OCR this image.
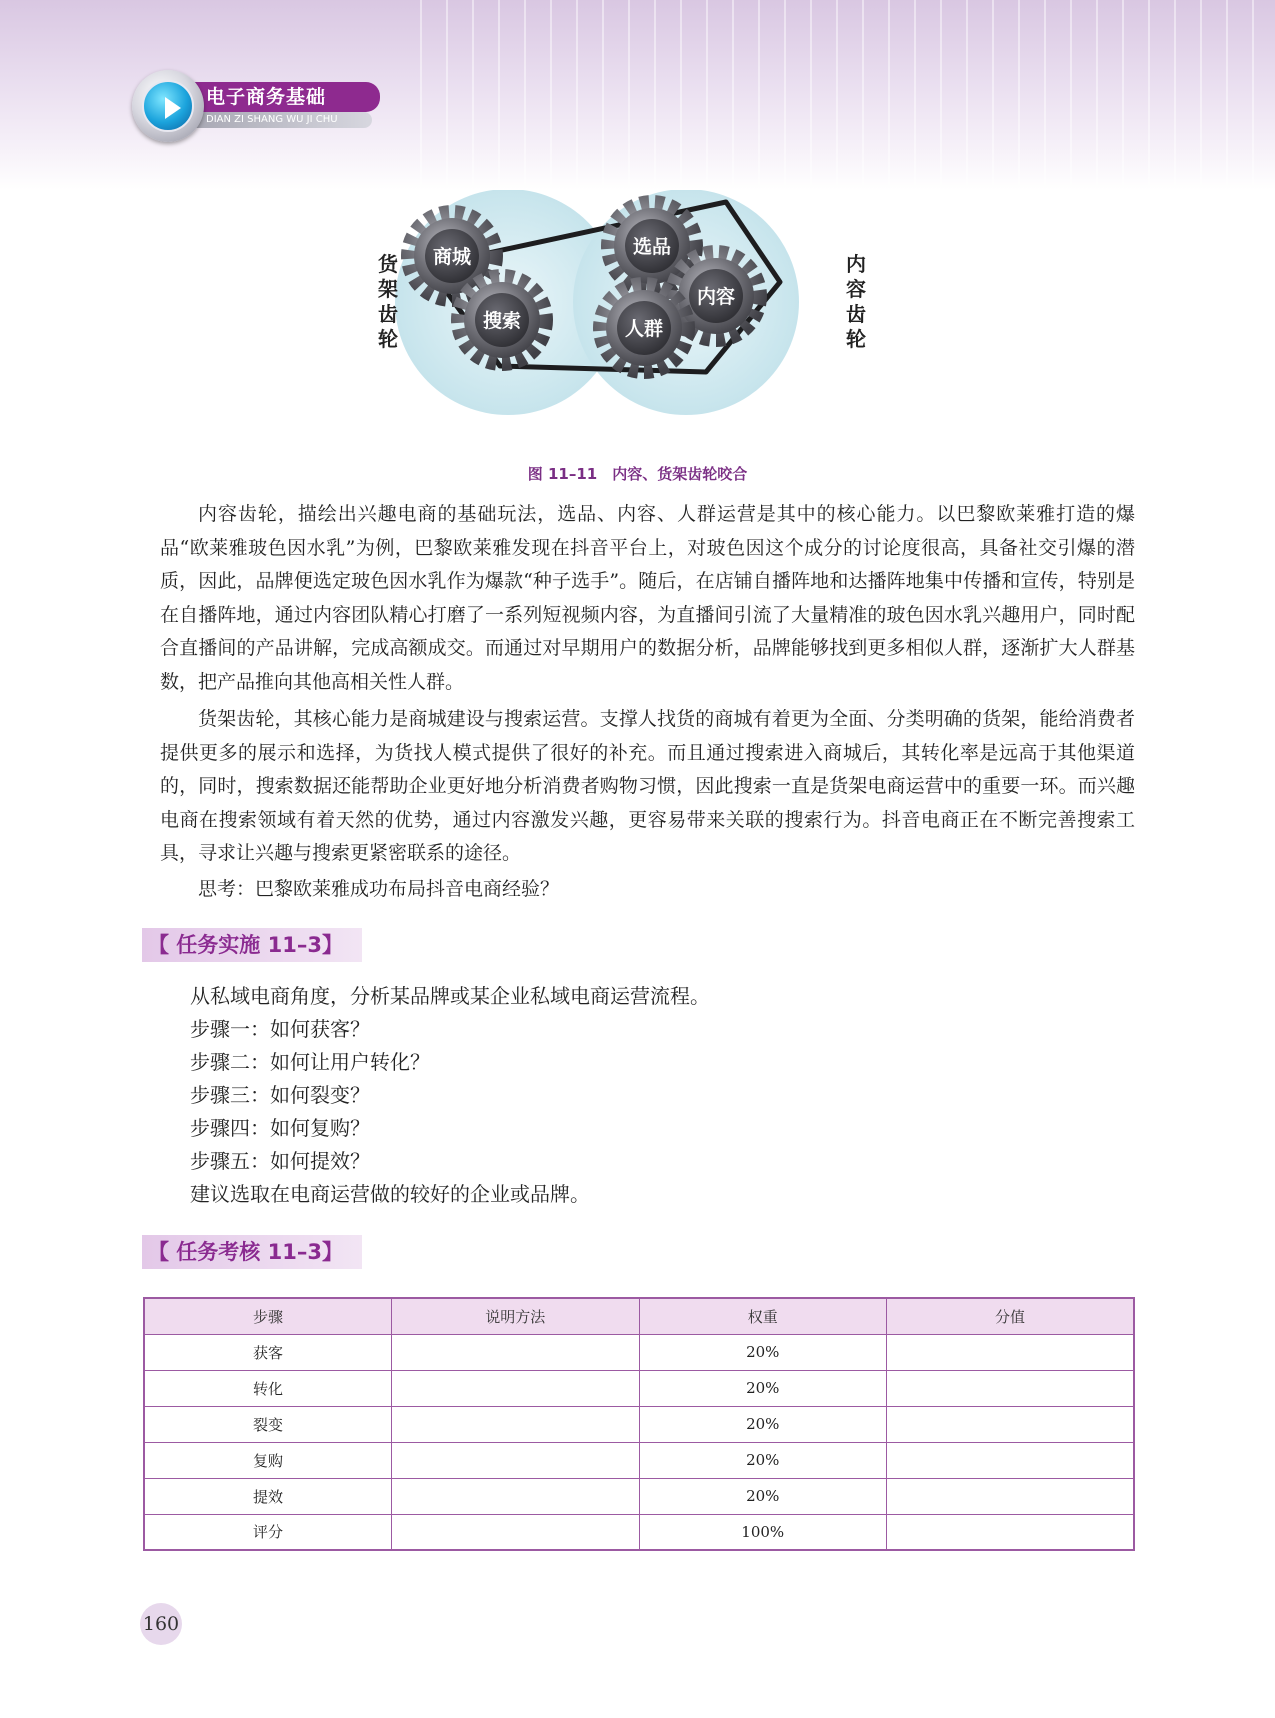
电子商务基础
DIAN ZI SHANG WU JI CHU
商城
搜索
选品
内容
人群
货架齿轮
内容齿轮
图 11–11　内容、货架齿轮咬合

内容齿轮，描绘出兴趣电商的基础玩法，选品、内容、人群运营是其中的核心能力。以巴黎欧莱雅打造的爆品“欧莱雅玻色因水乳”为例，巴黎欧莱雅发现在抖音平台上，对玻色因这个成分的讨论度很高，具备社交引爆的潜质，因此，品牌便选定玻色因水乳作为爆款“种子选手”。随后，在店铺自播阵地和达播阵地集中传播和宣传，特别是在自播阵地，通过内容团队精心打磨了一系列短视频内容，为直播间引流了大量精准的玻色因水乳兴趣用户，同时配合直播间的产品讲解，完成高额成交。而通过对早期用户的数据分析，品牌能够找到更多相似人群，逐渐扩大人群基数，把产品推向其他高相关性人群。

货架齿轮，其核心能力是商城建设与搜索运营。支撑人找货的商城有着更为全面、分类明确的货架，能给消费者提供更多的展示和选择，为货找人模式提供了很好的补充。而且通过搜索进入商城后，其转化率是远高于其他渠道的，同时，搜索数据还能帮助企业更好地分析消费者购物习惯，因此搜索一直是货架电商运营中的重要一环。而兴趣电商在搜索领域有着天然的优势，通过内容激发兴趣，更容易带来关联的搜索行为。抖音电商正在不断完善搜索工具，寻求让兴趣与搜索更紧密联系的途径。

思考：巴黎欧莱雅成功布局抖音电商经验？

【 任务实施 11–3】
从私域电商角度，分析某品牌或某企业私域电商运营流程。
步骤一：如何获客？
步骤二：如何让用户转化？
步骤三：如何裂变？
步骤四：如何复购？
步骤五：如何提效？
建议选取在电商运营做的较好的企业或品牌。
【 任务考核 11–3】
步骤	说明方法	权重	分值
获客		20%	
转化		20%	
裂变		20%	
复购		20%	
提效		20%	
评分		100%	
160
